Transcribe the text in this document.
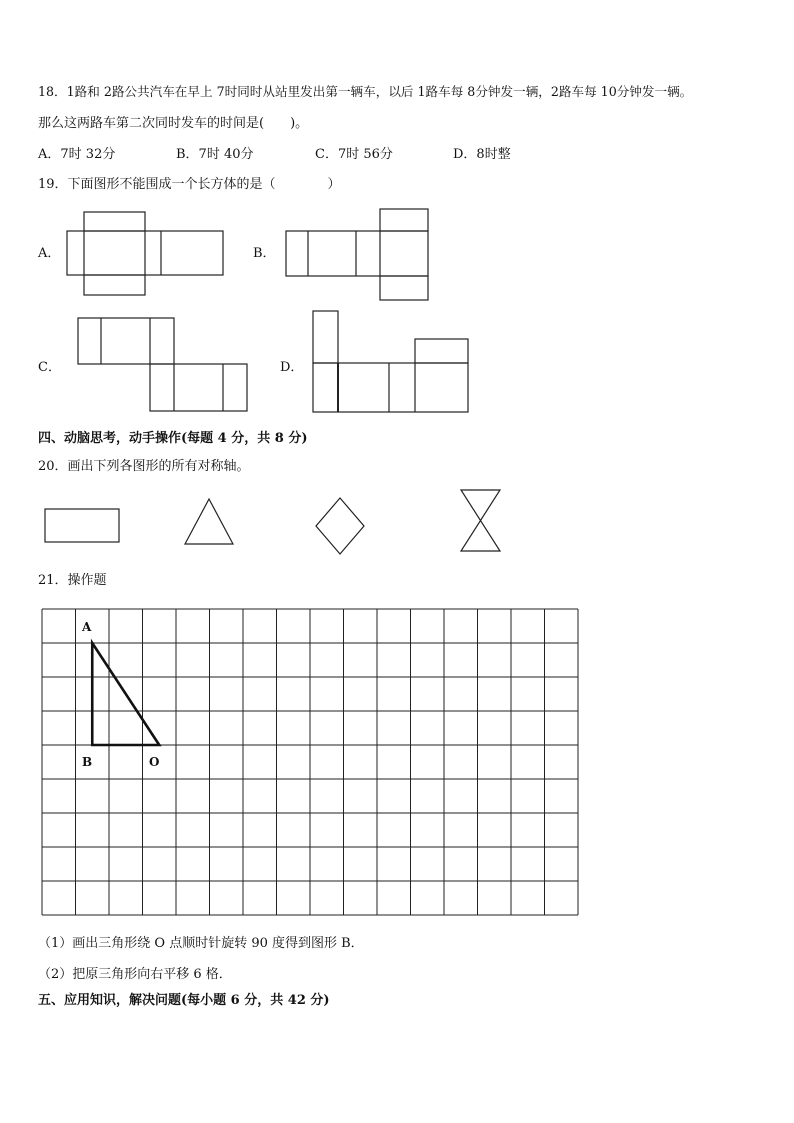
18．1路和 2路公共汽车在早上 7时同时从站里发出第一辆车，以后 1路车每 8分钟发一辆，2路车每 10分钟发一辆。
那么这两路车第二次同时发车的时间是(　　)。
A．7时 32分	B．7时 40分	C．7时 56分	D．8时整
19．下面图形不能围成一个长方体的是（　　　　）
A．	B．
C．	D．
四、动脑思考，动手操作(每题 4 分，共 8 分)
20．画出下列各图形的所有对称轴。
21．操作题
A
B	O
（1）画出三角形绕 O 点顺时针旋转 90 度得到图形 B．
（2）把原三角形向右平移 6 格．
五、应用知识，解决问题(每小题 6 分，共 42 分)
